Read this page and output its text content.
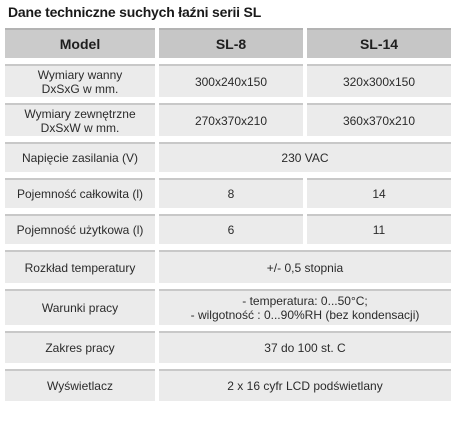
Dane techniczne suchych łaźni serii SL
Model	SL-8	SL-14
Wymiary wanny
DxSxG w mm.	300x240x150	320x300x150
Wymiary zewnętrzne
DxSxW w mm.	270x370x210	360x370x210
Napięcie zasilania (V)	230 VAC
Pojemność całkowita (l)	8	14
Pojemność użytkowa (l)	6	11
Rozkład temperatury	+/- 0,5 stopnia
Warunki pracy	- temperatura: 0...50°C;
- wilgotność : 0...90%RH (bez kondensacji)
Zakres pracy	37 do 100 st. C
Wyświetlacz	2 x 16 cyfr LCD podświetlany
